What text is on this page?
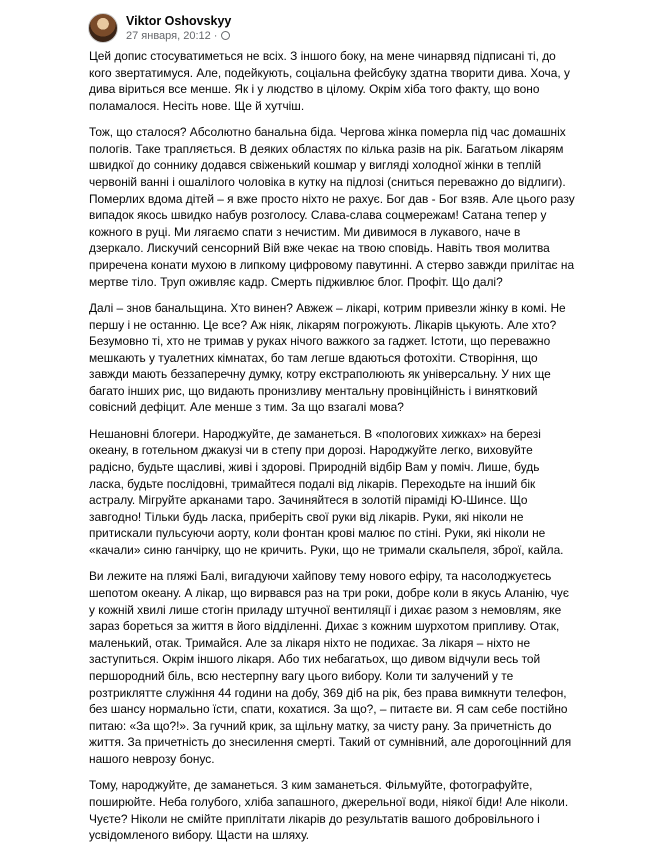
Viktor Oshovskyy
27 января, 20:12 ·

Цей допис стосуватиметься не всіх. З іншого боку, на мене чинарвяд підписані ті, до кого звертатимуся. Але, подейкують, соціальна фейсбуку здатна творити дива. Хоча, у дива віриться все менше. Як і у людство в цілому. Окрім хіба того факту, що воно поламалося. Несіть нове. Ще й хутчіш.

Тож, що сталося? Абсолютно банальна біда. Чергова жінка померла під час домашніх пологів. Таке трапляється. В деяких областях по кілька разів на рік. Багатьом лікарям швидкої до соннику додався свіженький кошмар у вигляді холодної жінки в теплій червоній ванні і ошалілого чоловіка в кутку на підлозі (сниться переважно до відлиги). Померлих вдома дітей – я вже просто ніхто не рахує. Бог дав - Бог взяв. Але цього разу випадок якось швидко набув розголосу. Слава-слава соцмережам! Сатана тепер у кожного в руці. Ми лягаємо спати з нечистим. Ми дивимося в лукавого, наче в дзеркало. Лискучий сенсорний Вій вже чекає на твою сповідь. Навіть твоя молитва приречена конати мухою в липкому цифровому павутинні. А стерво завжди прилітає на мертве тіло. Труп оживляє кадр. Смерть підживлює блог. Профіт. Що далі?

Далі – знов банальщина. Хто винен? Авжеж – лікарі, котрим привезли жінку в комі. Не першу і не останню. Це все? Аж ніяк, лікарям погрожують. Лікарів цькують. Але хто? Безумовно ті, хто не тримав у руках нічого важкого за гаджет. Істоти, що переважно мешкають у туалетних кімнатах, бо там легше вдаються фотохіти. Створіння, що завжди мають беззаперечну думку, котру екстраполюють як універсальну. У них ще багато інших рис, що видають пронизливу ментальну провінційність і винятковий совісний дефіцит. Але менше з тим. За що взагалі мова?

Нешановні блогери. Народжуйте, де заманеться. В «пологових хижках» на березі океану, в готельном джакузі чи в степу при дорозі. Народжуйте легко, виховуйте радісно, будьте щасливі, живі і здорові. Природній відбір Вам у поміч. Лише, будь ласка, будьте послідовні, тримайтеся подалі від лікарів. Переходьте на інший бік астралу. Мігруйте арканами таро. Зачиняйтеся в золотій піраміді Ю-Шинсе. Що завгодно! Тільки будь ласка, приберіть свої руки від лікарів. Руки, які ніколи не притискали пульсуючи аорту, коли фонтан крові малює по стіні. Руки, які ніколи не «качали» синю ганчірку, що не кричить. Руки, що не тримали скальпеля, зброї, кайла.

Ви лежите на пляжі Балі, вигадуючи хайпову тему нового ефіру, та насолоджуєтесь шепотом океану. А лікар, що вирвався раз на три роки, добре коли в якусь Аланію, чує у кожній хвилі лише стогін приладу штучної вентиляції і дихає разом з немовлям, яке зараз бореться за життя в його відділенні. Дихає з кожним шурхотом припливу. Отак, маленький, отак. Тримайся. Але за лікаря ніхто не подихає. За лікаря – ніхто не заступиться. Окрім іншого лікаря. Або тих небагатьох, що дивом відчули весь той першородний біль, всю нестерпну вагу цього вибору. Коли ти залучений у те розтриклятте служіння 44 години на добу, 369 діб на рік, без права вимкнути телефон, без шансу нормально їсти, спати, кохатися. За що?, – питаєте ви. Я сам себе постійно питаю: «За що?!». За гучний крик, за щільну матку, за чисту рану. За причетність до життя. За причетність до знесилення смерті. Такий от сумнівний, але дорогоцінний для нашого неврозу бонус.

Тому, народжуйте, де заманеться. З ким заманеться. Фільмуйте, фотографуйте, поширюйте. Неба голубого, хліба запашного, джерельної води, ніякої біди! Але ніколи. Чуєте? Ніколи не смійте приплітати лікарів до результатів вашого добровільного і усвідомленого вибору. Щасти на шляху.
